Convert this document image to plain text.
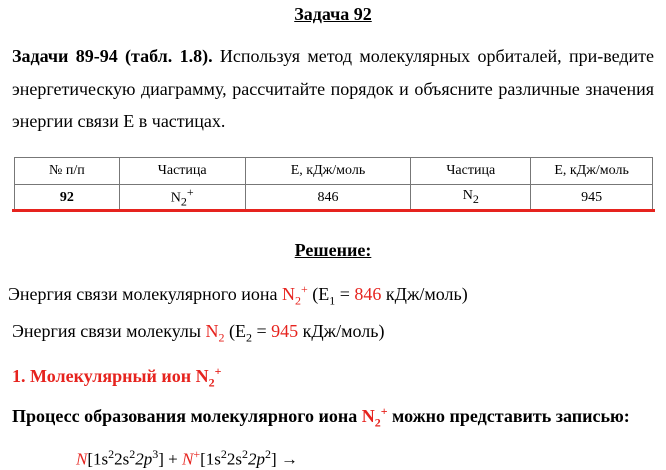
Задача 92
Задачи 89-94 (табл. 1.8). Используя метод молекулярных орбиталей, при-ведите энергетическую диаграмму, рассчитайте порядок и объясните различные значения энергии связи Е в частицах.
№ п/п	Частица	E, кДж/моль	Частица	E, кДж/моль
92	$N_2^+$	846	$N_2$	945
Решение:
Энергия связи молекулярного иона $N_2^+$ ($E_1 = 846$ кДж/моль)
Энергия связи молекулы $N_2$ ($E_2 = 945$ кДж/моль)
1. Молекулярный ион $N_2^+$
Процесс образования молекулярного иона $N_2^+$ можно представить записью:
$N[1s^22s^22p^3] + N^+[1s^22s^22p^2]$ →
